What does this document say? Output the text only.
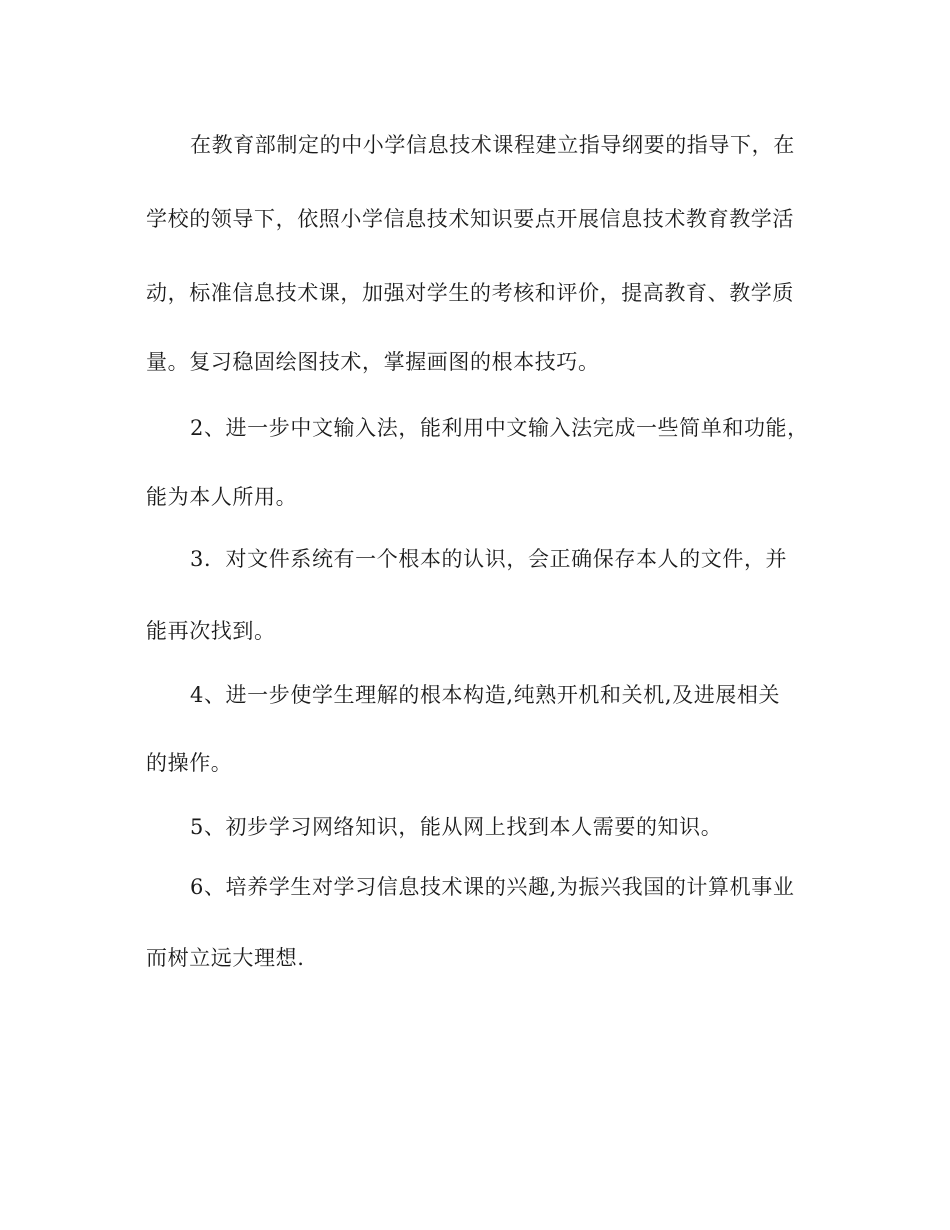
在教育部制定的中小学信息技术课程建立指导纲要的指导下，在
学校的领导下，依照小学信息技术知识要点开展信息技术教育教学活
动，标准信息技术课，加强对学生的考核和评价，提高教育、教学质
量。复习稳固绘图技术，掌握画图的根本技巧。
2、进一步中文输入法，能利用中文输入法完成一些简单和功能，
能为本人所用。
3．对文件系统有一个根本的认识，会正确保存本人的文件，并
能再次找到。
4、进一步使学生理解的根本构造,纯熟开机和关机,及进展相关
的操作。
5、初步学习网络知识，能从网上找到本人需要的知识。
6、培养学生对学习信息技术课的兴趣,为振兴我国的计算机事业
而树立远大理想.
